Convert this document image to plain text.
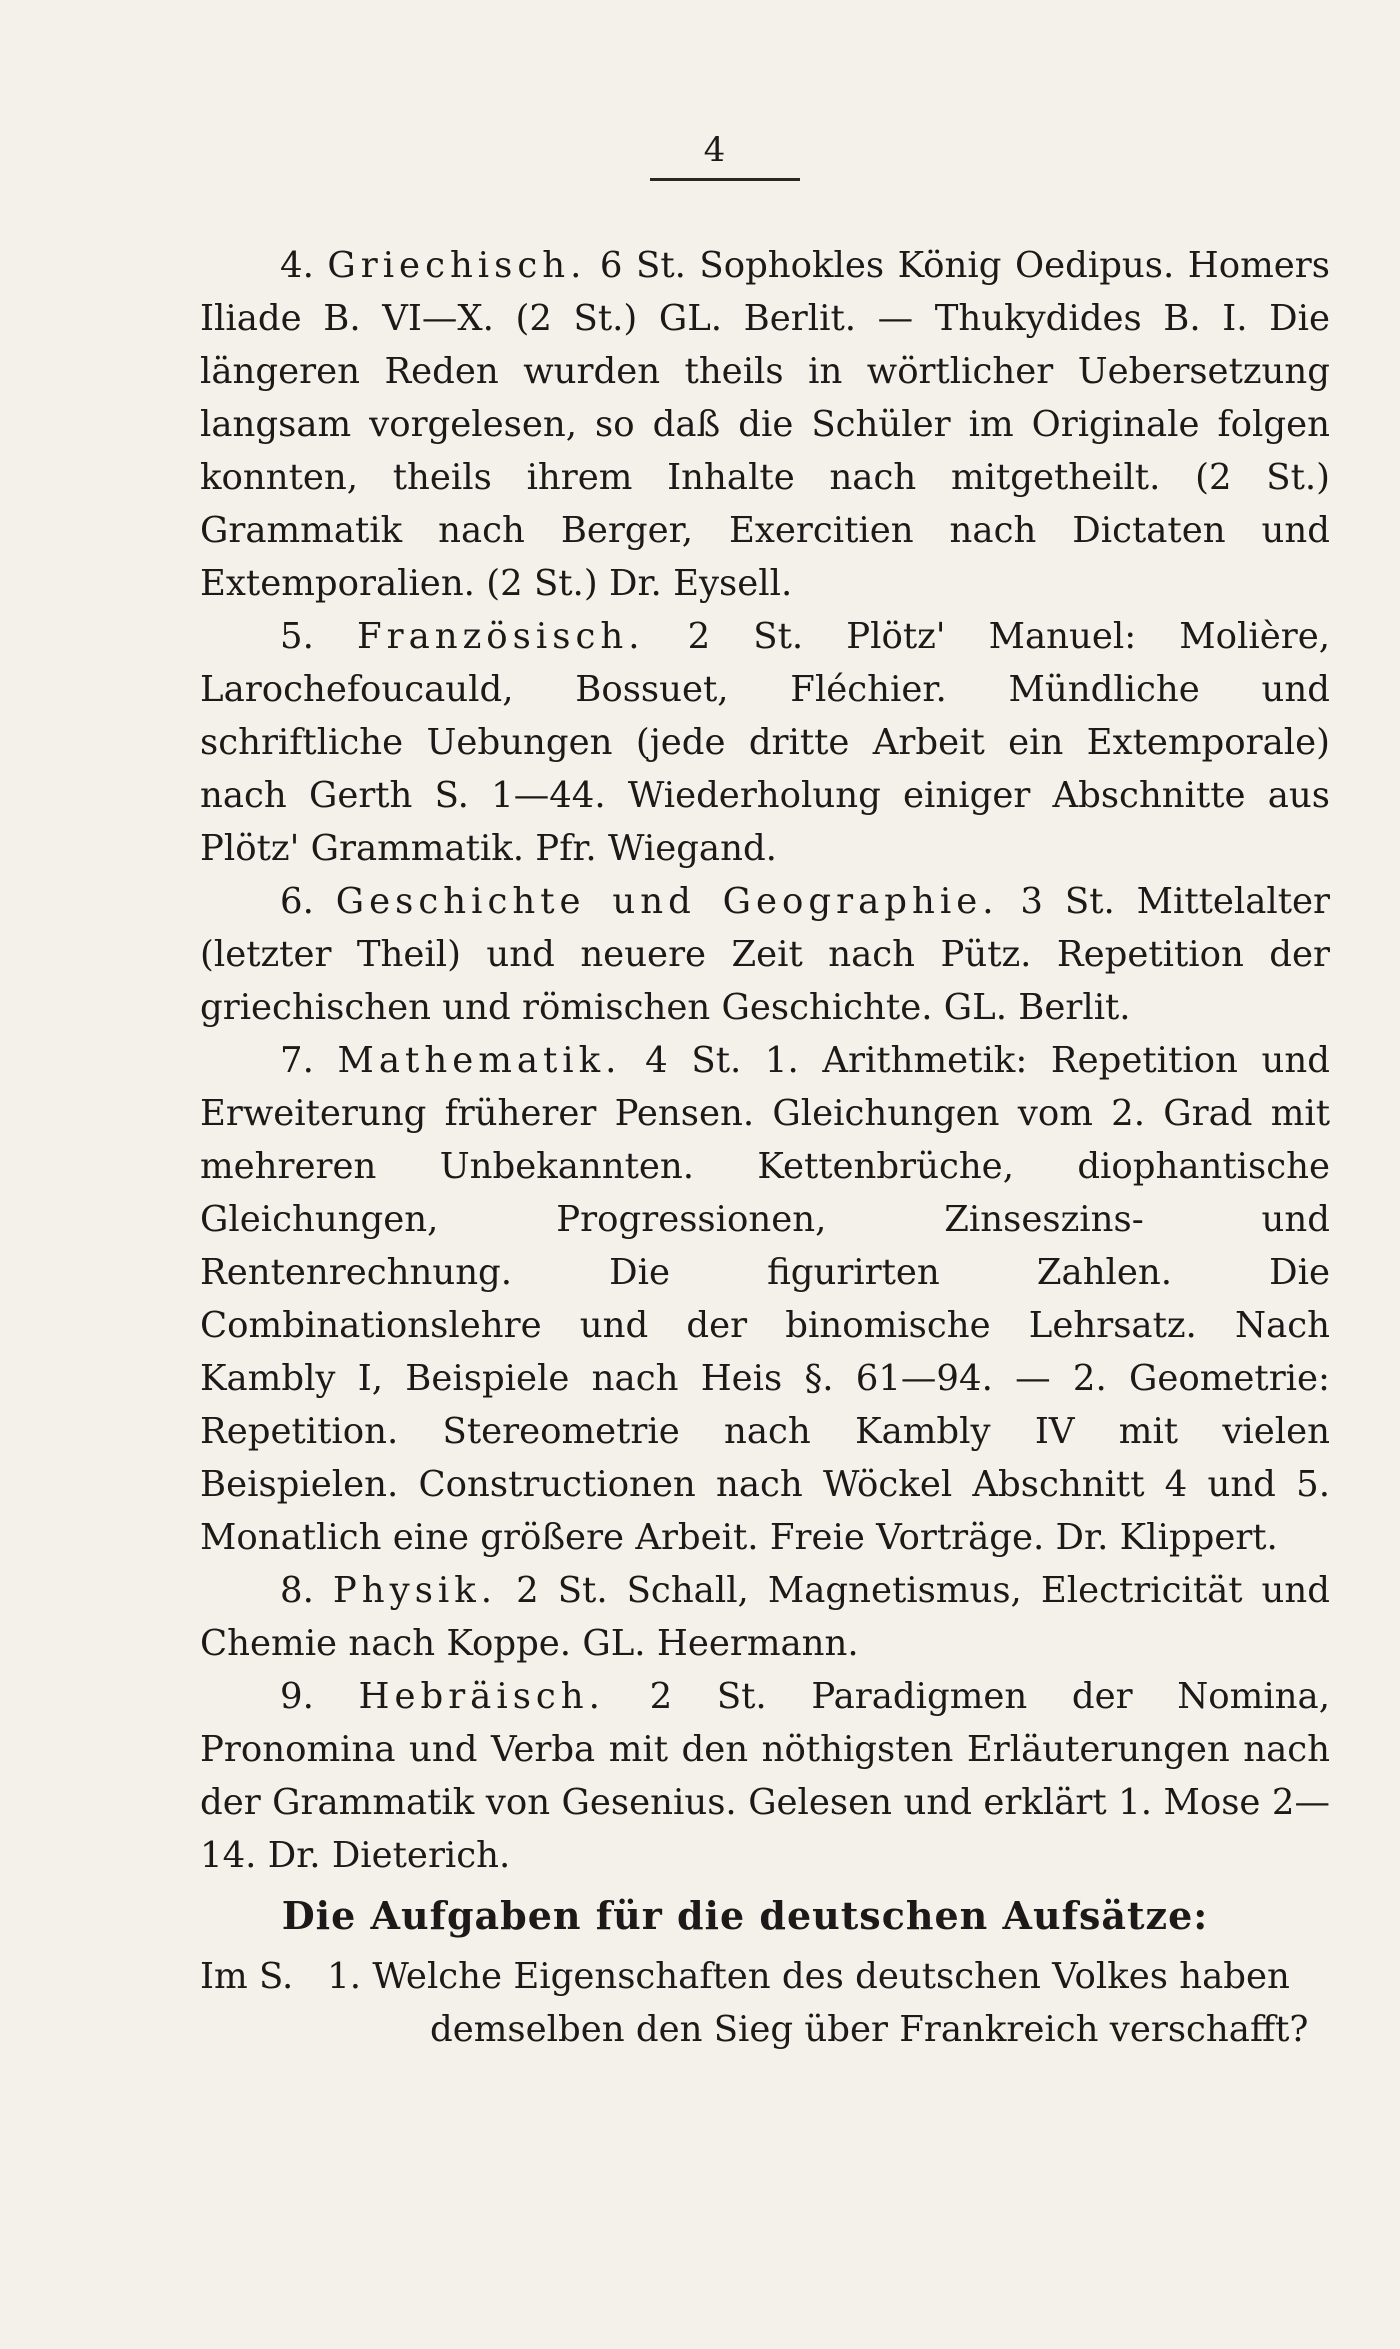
4

4. Griechisch. 6 St. Sophokles König Oedipus. Homers Iliade B. VI—X. (2 St.) GL. Berlit. — Thukydides B. I. Die längeren Reden wurden theils in wörtlicher Uebersetzung langsam vorgelesen, so daß die Schüler im Originale folgen konnten, theils ihrem Inhalte nach mitgetheilt. (2 St.) Grammatik nach Berger, Exercitien nach Dictaten und Extemporalien. (2 St.) Dr. Eysell.

5. Französisch. 2 St. Plötz' Manuel: Molière, Larochefoucauld, Bossuet, Fléchier. Mündliche und schriftliche Uebungen (jede dritte Arbeit ein Extemporale) nach Gerth S. 1—44. Wiederholung einiger Abschnitte aus Plötz' Grammatik. Pfr. Wiegand.

6. Geschichte und Geographie. 3 St. Mittelalter (letzter Theil) und neuere Zeit nach Pütz. Repetition der griechischen und römischen Geschichte. GL. Berlit.

7. Mathematik. 4 St. 1. Arithmetik: Repetition und Erweiterung früherer Pensen. Gleichungen vom 2. Grad mit mehreren Unbekannten. Kettenbrüche, diophantische Gleichungen, Progressionen, Zinseszins- und Rentenrechnung. Die figurirten Zahlen. Die Combinationslehre und der binomische Lehrsatz. Nach Kambly I, Beispiele nach Heis §. 61—94. — 2. Geometrie: Repetition. Stereometrie nach Kambly IV mit vielen Beispielen. Constructionen nach Wöckel Abschnitt 4 und 5. Monatlich eine größere Arbeit. Freie Vorträge. Dr. Klippert.

8. Physik. 2 St. Schall, Magnetismus, Electricität und Chemie nach Koppe. GL. Heermann.

9. Hebräisch. 2 St. Paradigmen der Nomina, Pronomina und Verba mit den nöthigsten Erläuterungen nach der Grammatik von Gesenius. Gelesen und erklärt 1. Mose 2—14. Dr. Dieterich.

Die Aufgaben für die deutschen Aufsätze:

Im S. 1. Welche Eigenschaften des deutschen Volkes haben
demselben den Sieg über Frankreich verschafft?
